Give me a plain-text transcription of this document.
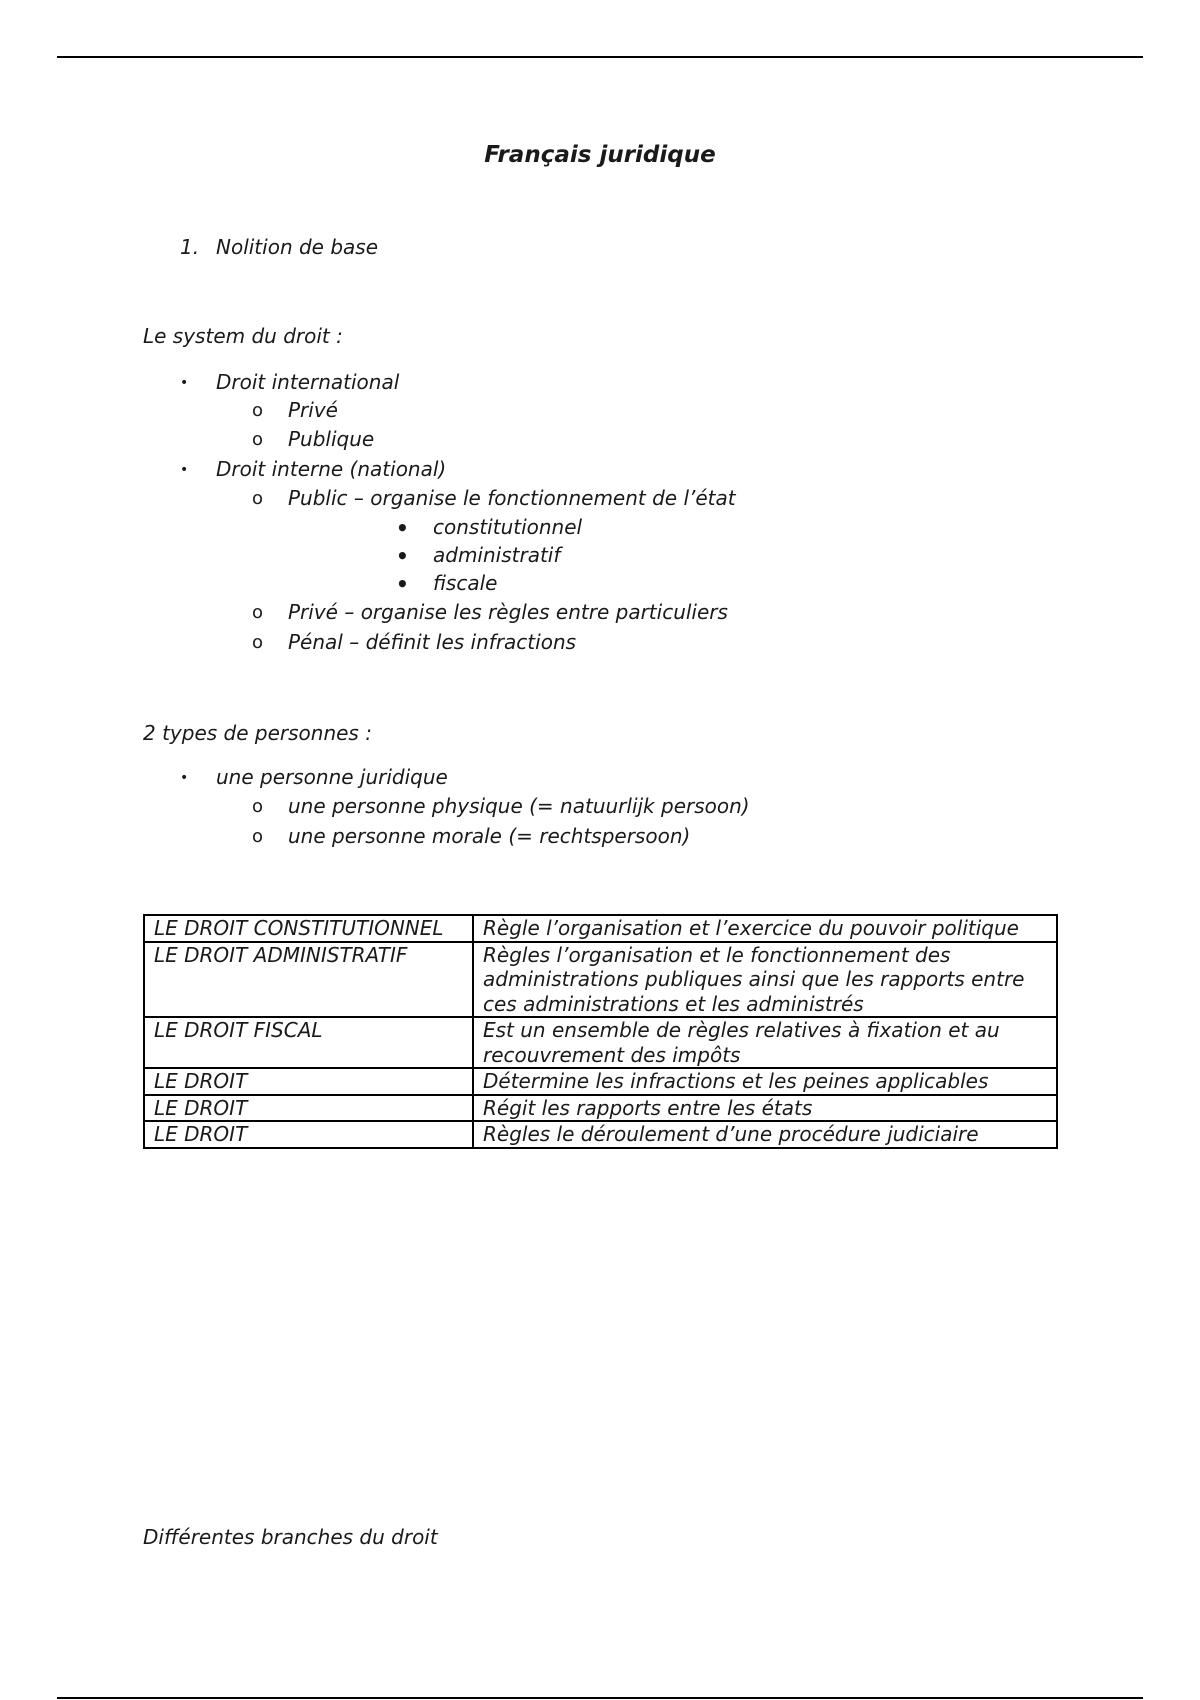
Français juridique
1. Nolition de base
Le system du droit :
• Droit international
o Privé
o Publique
• Droit interne (national)
o Public – organise le fonctionnement de l’état
• constitutionnel
• administratif
• fiscale
o Privé – organise les règles entre particuliers
o Pénal – définit les infractions
2 types de personnes :
• une personne juridique
o une personne physique (= natuurlijk persoon)
o une personne morale (= rechtspersoon)
LE DROIT CONSTITUTIONNEL	Règle l’organisation et l’exercice du pouvoir politique
LE DROIT ADMINISTRATIF	Règles l’organisation et le fonctionnement des administrations publiques ainsi que les rapports entre ces administrations et les administrés
LE DROIT FISCAL	Est un ensemble de règles relatives à fixation et au recouvrement des impôts
LE DROIT	Détermine les infractions et les peines applicables
LE DROIT	Régit les rapports entre les états
LE DROIT	Règles le déroulement d’une procédure judiciaire
Différentes branches du droit
